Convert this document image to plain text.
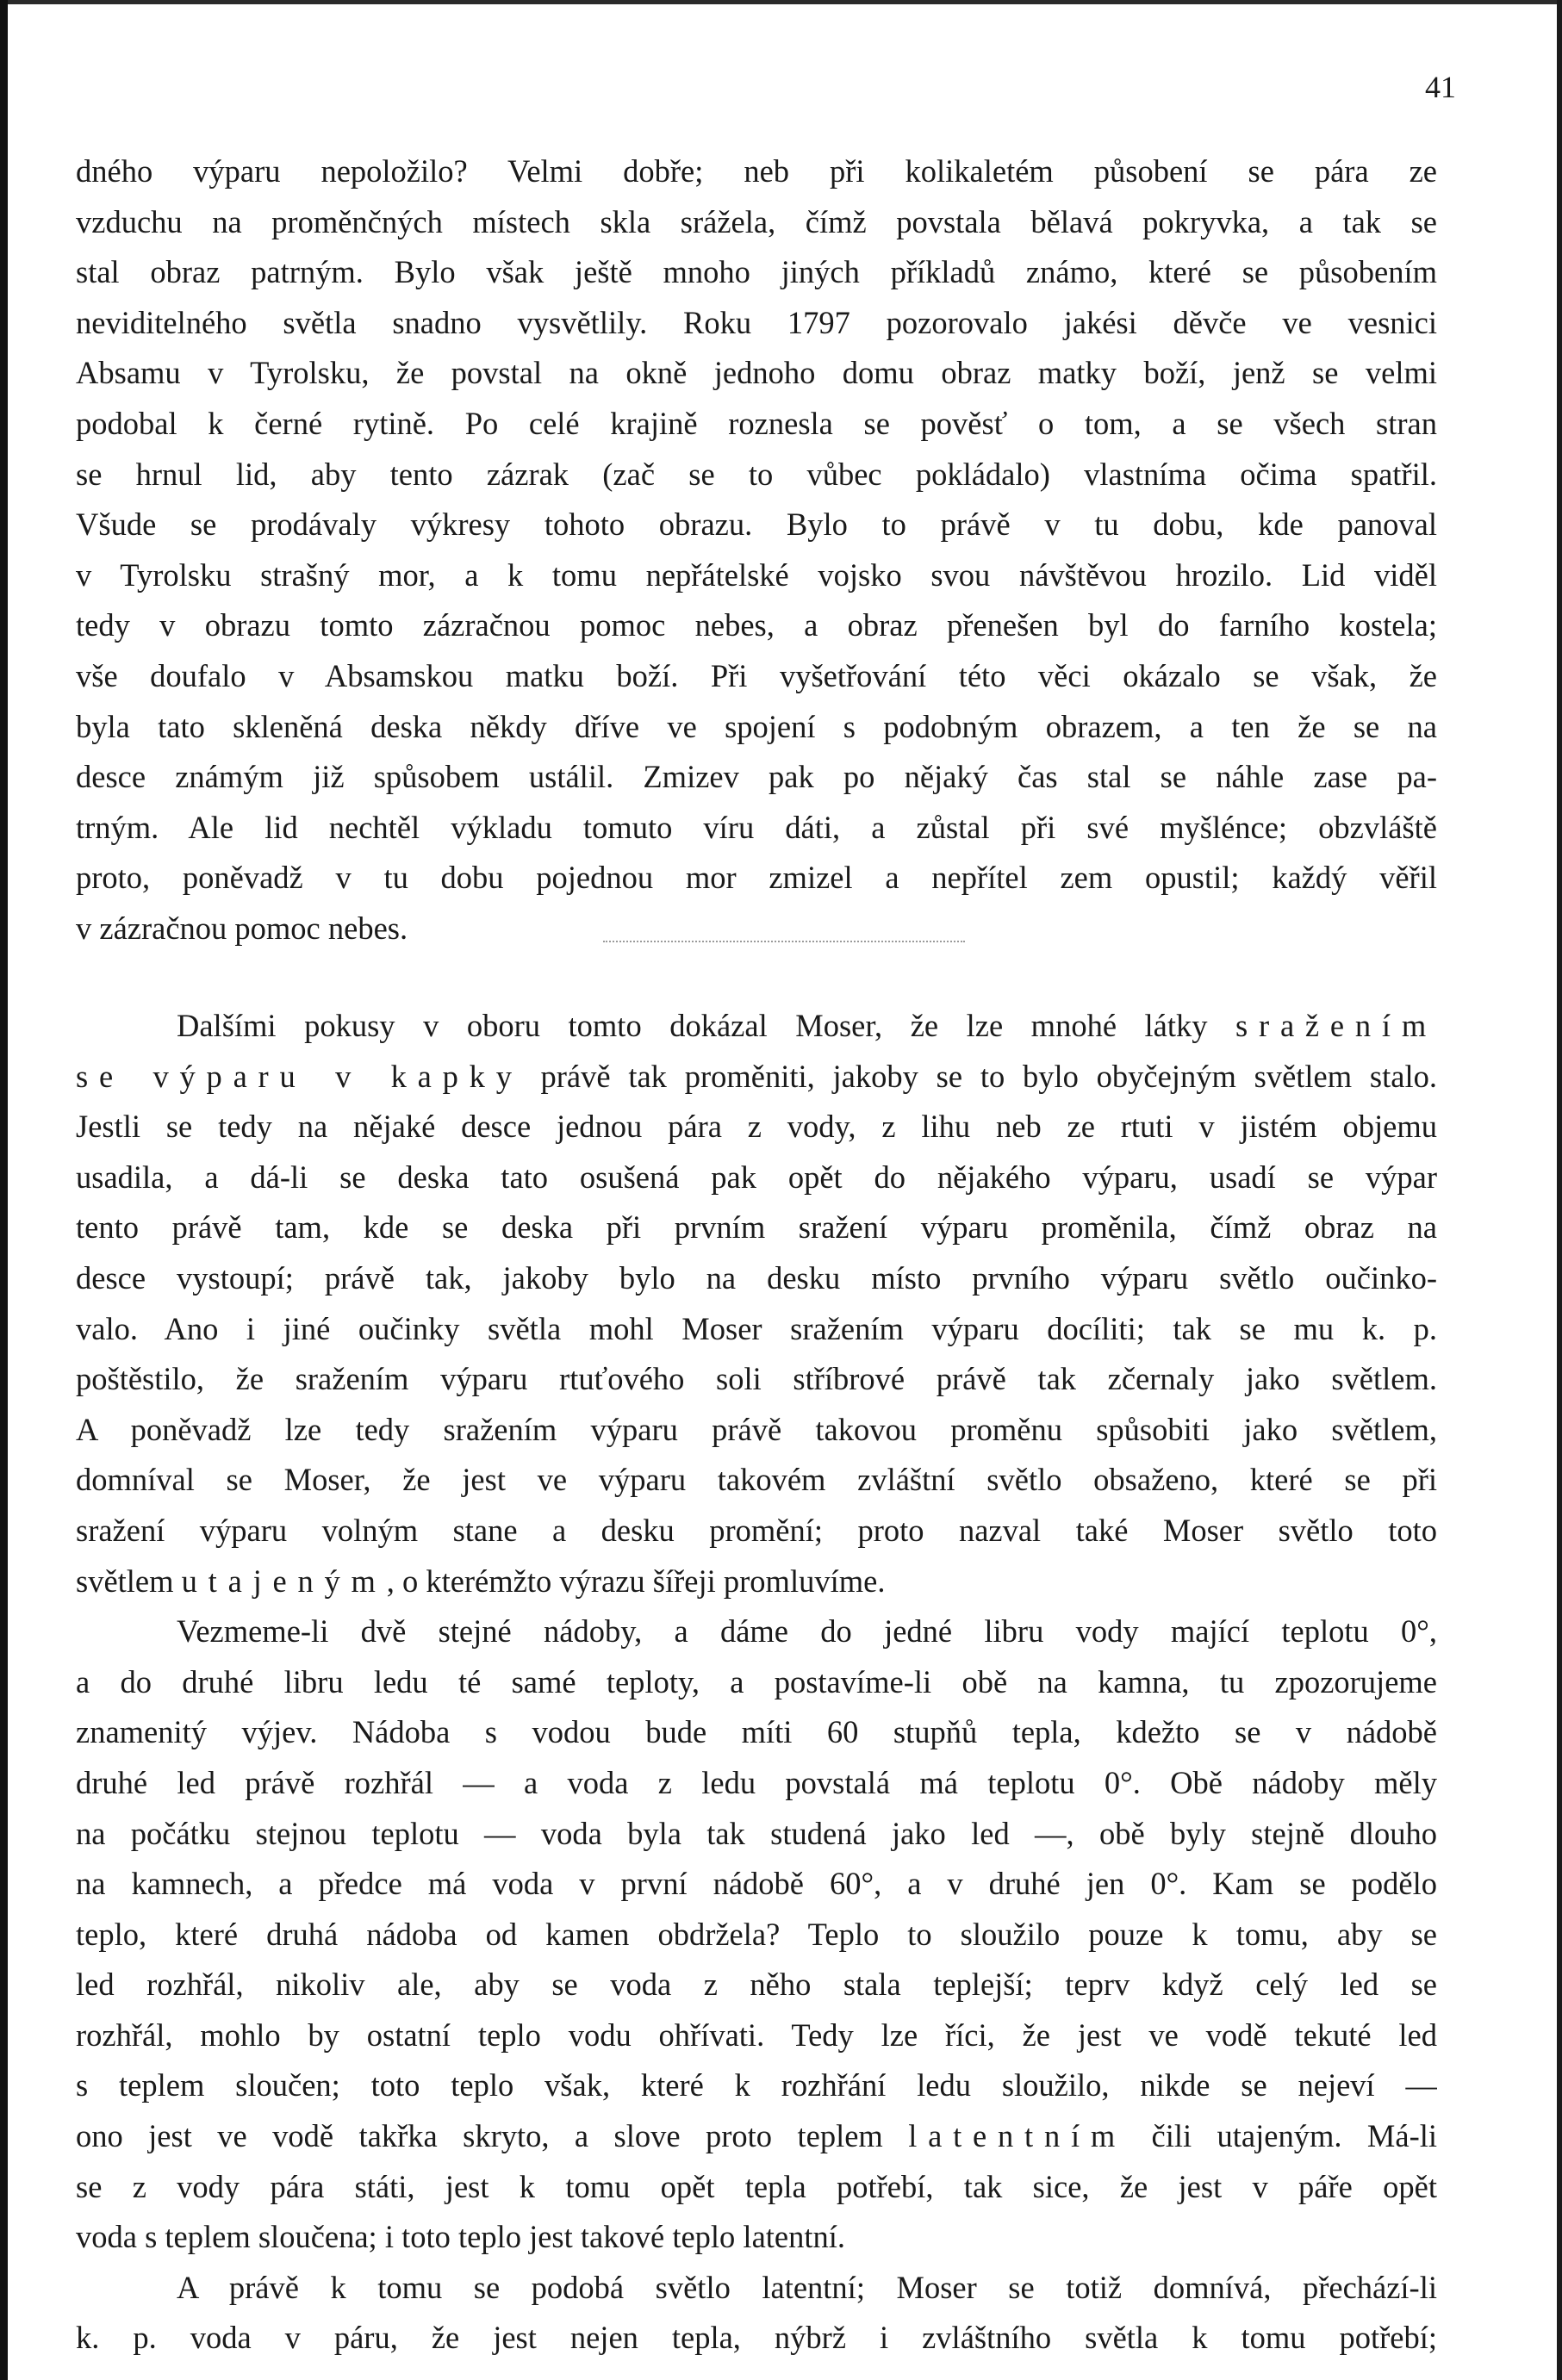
41
dného výparu nepoložilo? Velmi dobře; neb při kolikaletém působení se pára ze
vzduchu na proměnčných místech skla srážela, čímž povstala bělavá pokryvka, a tak se
stal obraz patrným. Bylo však ještě mnoho jiných příkladů známo, které se působením
neviditelného světla snadno vysvětlily. Roku 1797 pozorovalo jakési děvče ve vesnici
Absamu v Tyrolsku, že povstal na okně jednoho domu obraz matky boží, jenž se velmi
podobal k černé rytině. Po celé krajině roznesla se pověsť o tom, a se všech stran
se hrnul lid, aby tento zázrak (zač se to vůbec pokládalo) vlastníma očima spatřil.
Všude se prodávaly výkresy tohoto obrazu. Bylo to právě v tu dobu, kde panoval
v Tyrolsku strašný mor, a k tomu nepřátelské vojsko svou návštěvou hrozilo. Lid viděl
tedy v obrazu tomto zázračnou pomoc nebes, a obraz přenešen byl do farního kostela;
vše doufalo v Absamskou matku boží. Při vyšetřování této věci okázalo se však, že
byla tato skleněná deska někdy dříve ve spojení s podobným obrazem, a ten že se na
desce známým již spůsobem ustálil. Zmizev pak po nějaký čas stal se náhle zase pa-
trným. Ale lid nechtěl výkladu tomuto víru dáti, a zůstal při své myšlénce; obzvláště
proto, poněvadž v tu dobu pojednou mor zmizel a nepřítel zem opustil; každý věřil
v zázračnou pomoc nebes.
Dalšími pokusy v oboru tomto dokázal Moser, že lze mnohé látky sražením
se výparu v kapky právě tak proměniti, jakoby se to bylo obyčejným světlem stalo.
Jestli se tedy na nějaké desce jednou pára z vody, z lihu neb ze rtuti v jistém objemu
usadila, a dá-li se deska tato osušená pak opět do nějakého výparu, usadí se výpar
tento právě tam, kde se deska při prvním sražení výparu proměnila, čímž obraz na
desce vystoupí; právě tak, jakoby bylo na desku místo prvního výparu světlo oučinko-
valo. Ano i jiné oučinky světla mohl Moser sražením výparu docíliti; tak se mu k. p.
poštěstilo, že sražením výparu rtuťového soli stříbrové právě tak zčernaly jako světlem.
A poněvadž lze tedy sražením výparu právě takovou proměnu spůsobiti jako světlem,
domníval se Moser, že jest ve výparu takovém zvláštní světlo obsaženo, které se při
sražení výparu volným stane a desku promění; proto nazval také Moser světlo toto
světlem utajeným, o kterémžto výrazu šířeji promluvíme.
Vezmeme-li dvě stejné nádoby, a dáme do jedné libru vody mající teplotu 0°,
a do druhé libru ledu té samé teploty, a postavíme-li obě na kamna, tu zpozorujeme
znamenitý výjev. Nádoba s vodou bude míti 60 stupňů tepla, kdežto se v nádobě
druhé led právě rozhřál — a voda z ledu povstalá má teplotu 0°. Obě nádoby měly
na počátku stejnou teplotu — voda byla tak studená jako led —, obě byly stejně dlouho
na kamnech, a předce má voda v první nádobě 60°, a v druhé jen 0°. Kam se podělo
teplo, které druhá nádoba od kamen obdržela? Teplo to sloužilo pouze k tomu, aby se
led rozhřál, nikoliv ale, aby se voda z něho stala teplejší; teprv když celý led se
rozhřál, mohlo by ostatní teplo vodu ohřívati. Tedy lze říci, že jest ve vodě tekuté led
s teplem sloučen; toto teplo však, které k rozhřání ledu sloužilo, nikde se nejeví —
ono jest ve vodě takřka skryto, a slove proto teplem latentním čili utajeným. Má-li
se z vody pára státi, jest k tomu opět tepla potřebí, tak sice, že jest v páře opět
voda s teplem sloučena; i toto teplo jest takové teplo latentní.
A právě k tomu se podobá světlo latentní; Moser se totiž domnívá, přechází-li
k. p. voda v páru, že jest nejen tepla, nýbrž i zvláštního světla k tomu potřebí;
